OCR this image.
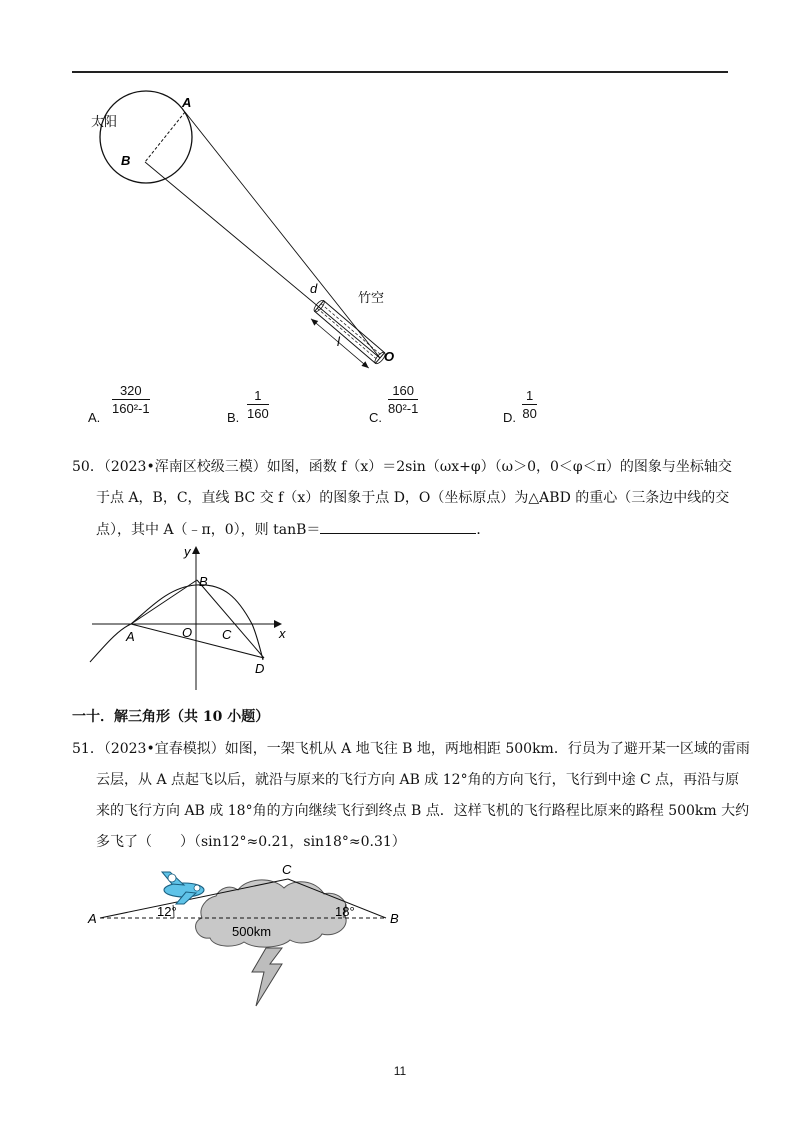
太阳
A
B
d
竹空
l
O
A.
$\frac{320}{\text{160²-1}}$
B. $\frac{1}{160}$	C.
$\frac{160}{\text{80²-1}}$
D. $\frac{1}{80}$
50．（2023•浑南区校级三模）如图，函数 f（x）＝2sin（ωx+φ）（ω＞0，0＜φ＜π）的图象与坐标轴交
于点 A，B，C，直线 BC 交 f（x）的图象于点 D，O（坐标原点）为△ABD 的重心（三条边中线的交
点），其中 A（﹣π，0），则 tanB＝	．
y
x
B
A	O C
D
一十．解三角形（共 10 小题）
51．（2023•宜春模拟）如图，一架飞机从 A 地飞往 B 地，两地相距 500km．行员为了避开某一区域的雷雨
云层，从 A 点起飞以后，就沿与原来的飞行方向 AB 成 12°角的方向飞行，飞行到中途 C 点，再沿与原
来的飞行方向 AB 成 18°角的方向继续飞行到终点 B 点．这样飞机的飞行路程比原来的路程 500km 大约
多飞了（　　）（sin12°≈0.21，sin18°≈0.31）
A	B
C
12°	18°
500km
11
